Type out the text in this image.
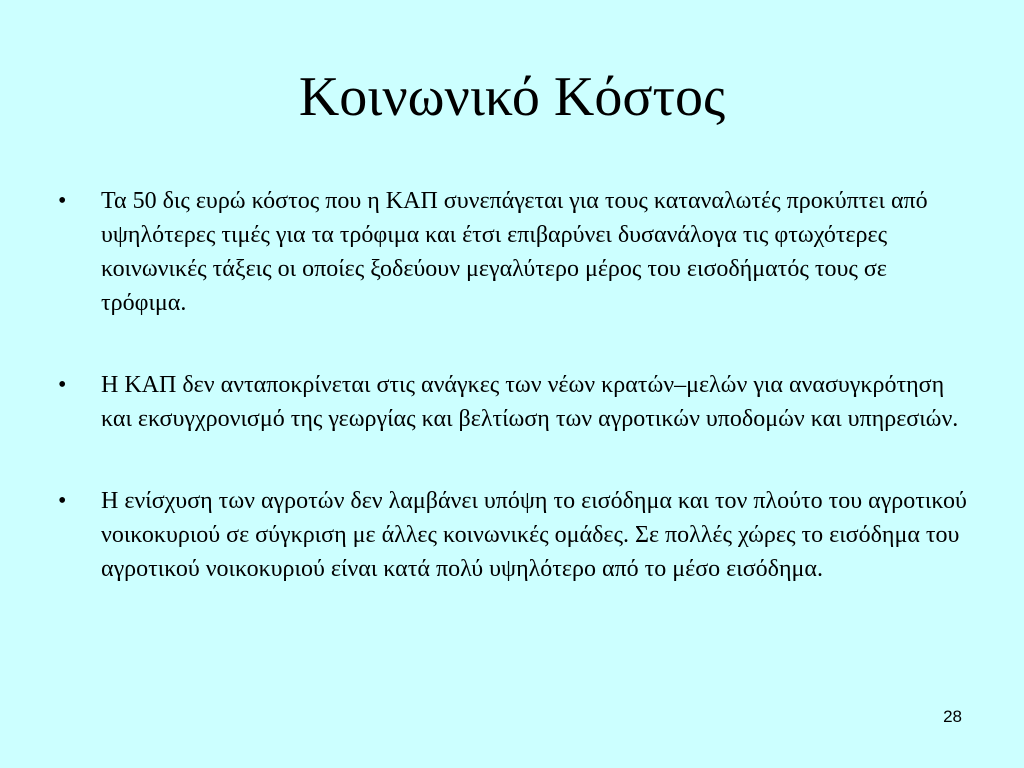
Κοινωνικό Κόστος
• Τα 50 δις ευρώ κόστος που η ΚΑΠ συνεπάγεται για τους καταναλωτές προκύπτει από υψηλότερες τιμές για τα τρόφιμα και έτσι επιβαρύνει δυσανάλογα τις φτωχότερες κοινωνικές τάξεις οι οποίες ξοδεύουν μεγαλύτερο μέρος του εισοδήματός τους σε τρόφιμα.
• Η ΚΑΠ δεν ανταποκρίνεται στις ανάγκες των νέων κρατών–μελών για ανασυγκρότηση και εκσυγχρονισμό της γεωργίας και βελτίωση των αγροτικών υποδομών και υπηρεσιών.
• Η ενίσχυση των αγροτών δεν λαμβάνει υπόψη το εισόδημα και τον πλούτο του αγροτικού νοικοκυριού σε σύγκριση με άλλες κοινωνικές ομάδες. Σε πολλές χώρες το εισόδημα του αγροτικού νοικοκυριού είναι κατά πολύ υψηλότερο από το μέσο εισόδημα.
28
